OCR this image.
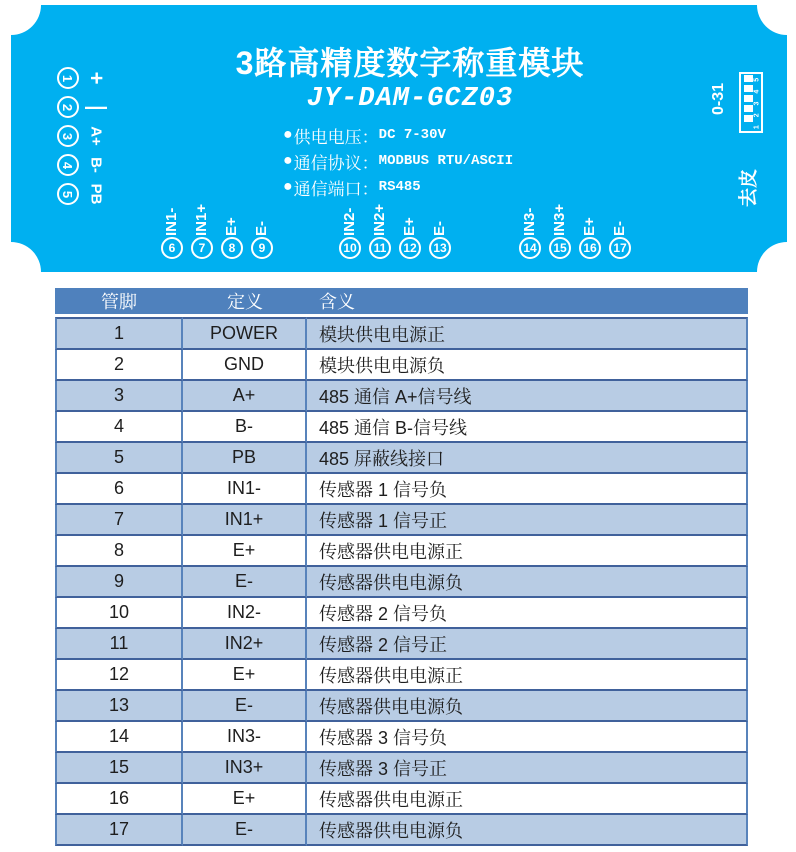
3路高精度数字称重模块
JY-DAM-GCZ03
● 供电电压： DC 7-30V
● 通信协议： MODBUS RTU/ASCII
● 通信端口： RS485
1 +
2 —
3 A+
4 B-
5 PB
IN1-
6
IN1+
7
E+
8
E-
9
IN2-
10
IN2+
11
E+
12
E-
13
IN3-
14
IN3+
15
E+
16
E-
17
1 2 3 4 5
0-31
去皮
管脚	定义	含义
1	POWER	模块供电电源正
2	GND	模块供电电源负
3	A+	485 通信 A+信号线
4	B-	485 通信 B-信号线
5	PB	485 屏蔽线接口
6	IN1-	传感器 1 信号负
7	IN1+	传感器 1 信号正
8	E+	传感器供电电源正
9	E-	传感器供电电源负
10	IN2-	传感器 2 信号负
11	IN2+	传感器 2 信号正
12	E+	传感器供电电源正
13	E-	传感器供电电源负
14	IN3-	传感器 3 信号负
15	IN3+	传感器 3 信号正
16	E+	传感器供电电源正
17	E-	传感器供电电源负
